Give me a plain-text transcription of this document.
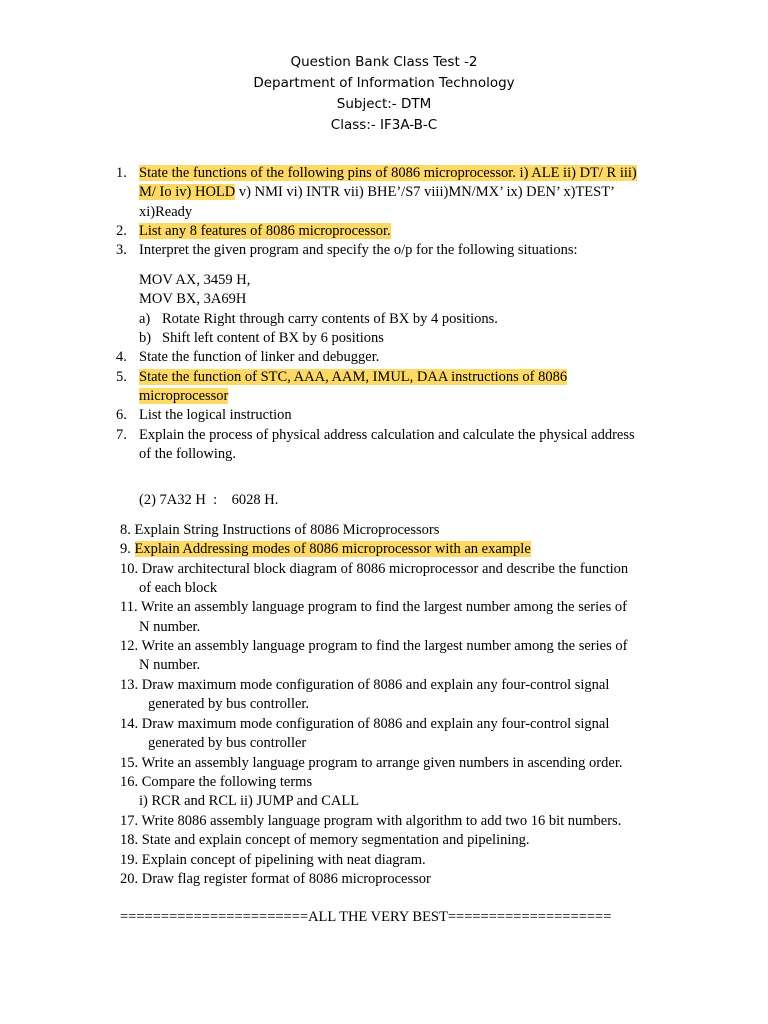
Question Bank Class Test -2
Department of Information Technology
Subject:- DTM
Class:- IF3A-B-C
1. State the functions of the following pins of 8086 microprocessor. i) ALE ii) DT/ R iii)
M/ Io iv) HOLD v) NMI vi) INTR vii) BHE’/S7 viii)MN/MX’ ix) DEN’ x)TEST’
xi)Ready
2. List any 8 features of 8086 microprocessor.
3. Interpret the given program and specify the o/p for the following situations:
MOV AX, 3459 H,
MOV BX, 3A69H
a) Rotate Right through carry contents of BX by 4 positions.
b) Shift left content of BX by 6 positions
4. State the function of linker and debugger.
5. State the function of STC, AAA, AAM, IMUL, DAA instructions of 8086
microprocessor
6. List the logical instruction
7. Explain the process of physical address calculation and calculate the physical address
of the following.
(2) 7A32 H  :    6028 H.
8. Explain String Instructions of 8086 Microprocessors
9. Explain Addressing modes of 8086 microprocessor with an example
10. Draw architectural block diagram of 8086 microprocessor and describe the function
of each block
11. Write an assembly language program to find the largest number among the series of
N number.
12. Write an assembly language program to find the largest number among the series of
N number.
13. Draw maximum mode configuration of 8086 and explain any four-control signal
generated by bus controller.
14. Draw maximum mode configuration of 8086 and explain any four-control signal
generated by bus controller
15. Write an assembly language program to arrange given numbers in ascending order.
16. Compare the following terms
i) RCR and RCL ii) JUMP and CALL
17. Write 8086 assembly language program with algorithm to add two 16 bit numbers.
18. State and explain concept of memory segmentation and pipelining.
19. Explain concept of pipelining with neat diagram.
20. Draw flag register format of 8086 microprocessor
=======================ALL THE VERY BEST====================
